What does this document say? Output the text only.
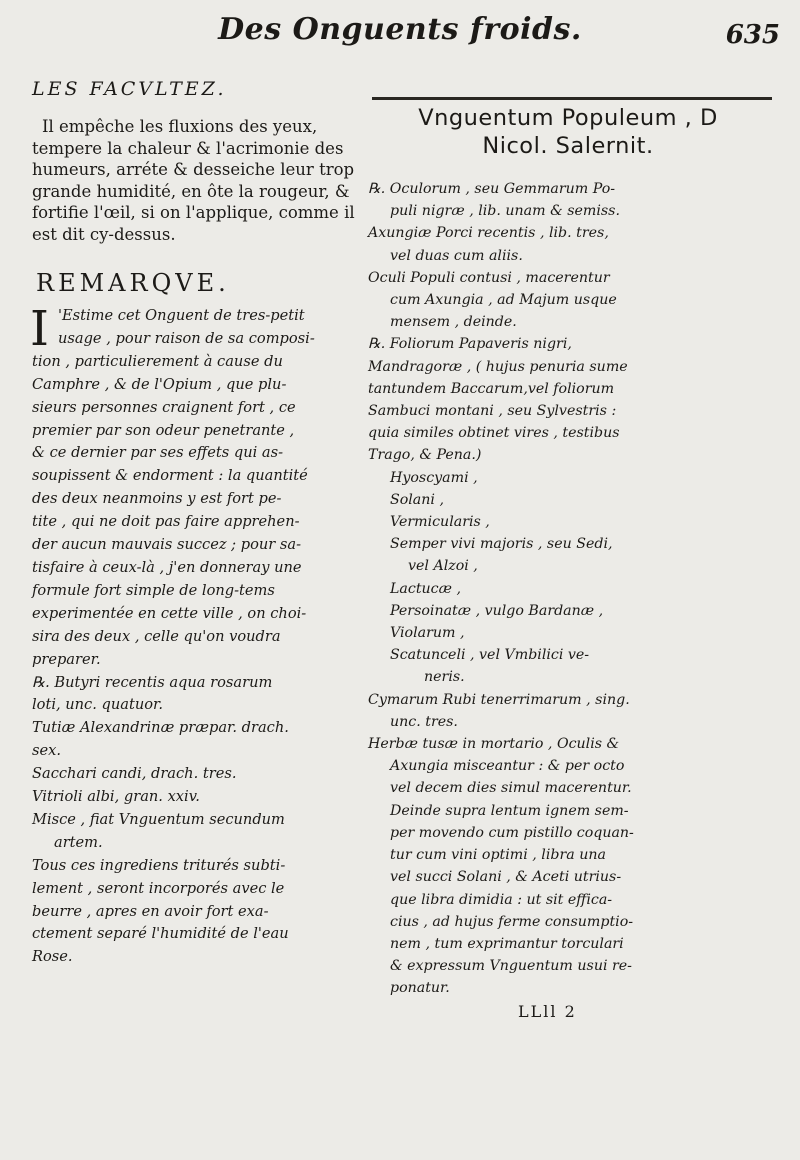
Des Onguents froids.	635
LES FACVLTEZ.

Il empêche les fluxions des yeux, tempere la chaleur & l'acrimonie des humeurs, arréte & desseiche leur trop grande humidité, en ôte la rougeur, & fortifie l'œil, si on l'applique, comme il est dit cy-dessus.

REMARQVE.
I 'Estime cet Onguent de tres-petit
usage , pour raison de sa composi-
tion , particulierement à cause du
Camphre , & de l'Opium , que plu-
sieurs personnes craignent fort , ce
premier par son odeur penetrante ,
& ce dernier par ses effets qui as-
soupissent & endorment : la quantité
des deux neanmoins y est fort pe-
tite , qui ne doit pas faire apprehen-
der aucun mauvais succez ; pour sa-
tisfaire à ceux-là , j'en donneray une
formule fort simple de long-tems
experimentée en cette ville , on choi-
sira des deux , celle qu'on voudra
preparer.
℞. Butyri recentis aqua rosarum
loti, unc. quatuor.
Tutiæ Alexandrinæ præpar. drach.
sex.
Sacchari candi, drach. tres.
Vitrioli albi, gran. xxiv.
Misce , fiat Vnguentum secundum
artem.
Tous ces ingrediens triturés subti-
lement , seront incorporés avec le
beurre , apres en avoir fort exa-
ctement separé l'humidité de l'eau
Rose.
Vnguentum Populeum , D
Nicol. Salernit.
℞. Oculorum , seu Gemmarum Po-
puli nigræ , lib. unam & semiss.
Axungiæ Porci recentis , lib. tres,
vel duas cum aliis.
Oculi Populi contusi , macerentur
cum Axungia , ad Majum usque
mensem , deinde.
℞. Foliorum Papaveris nigri,
Mandragoræ , ( hujus penuria sume
tantundem Baccarum,vel foliorum
Sambuci montani , seu Sylvestris :
quia similes obtinet vires , testibus
Trago, & Pena.)
Hyoscyami ,
Solani ,
Vermicularis ,
Semper vivi majoris , seu Sedi,
vel Alzoi ,
Lactucæ ,
Persoinatæ , vulgo Bardanæ ,
Violarum ,
Scatunceli , vel Vmbilici ve-
neris.
Cymarum Rubi tenerrimarum , sing.
unc. tres.
Herbæ tusæ in mortario , Oculis &
Axungia misceantur : & per octo
vel decem dies simul macerentur.
Deinde supra lentum ignem sem-
per movendo cum pistillo coquan-
tur cum vini optimi , libra una
vel succi Solani , & Aceti utrius-
que libra dimidia : ut sit effica-
cius , ad hujus ferme consumptio-
nem , tum exprimantur torculari
& expressum Vnguentum usui re-
ponatur.
LLll 2
